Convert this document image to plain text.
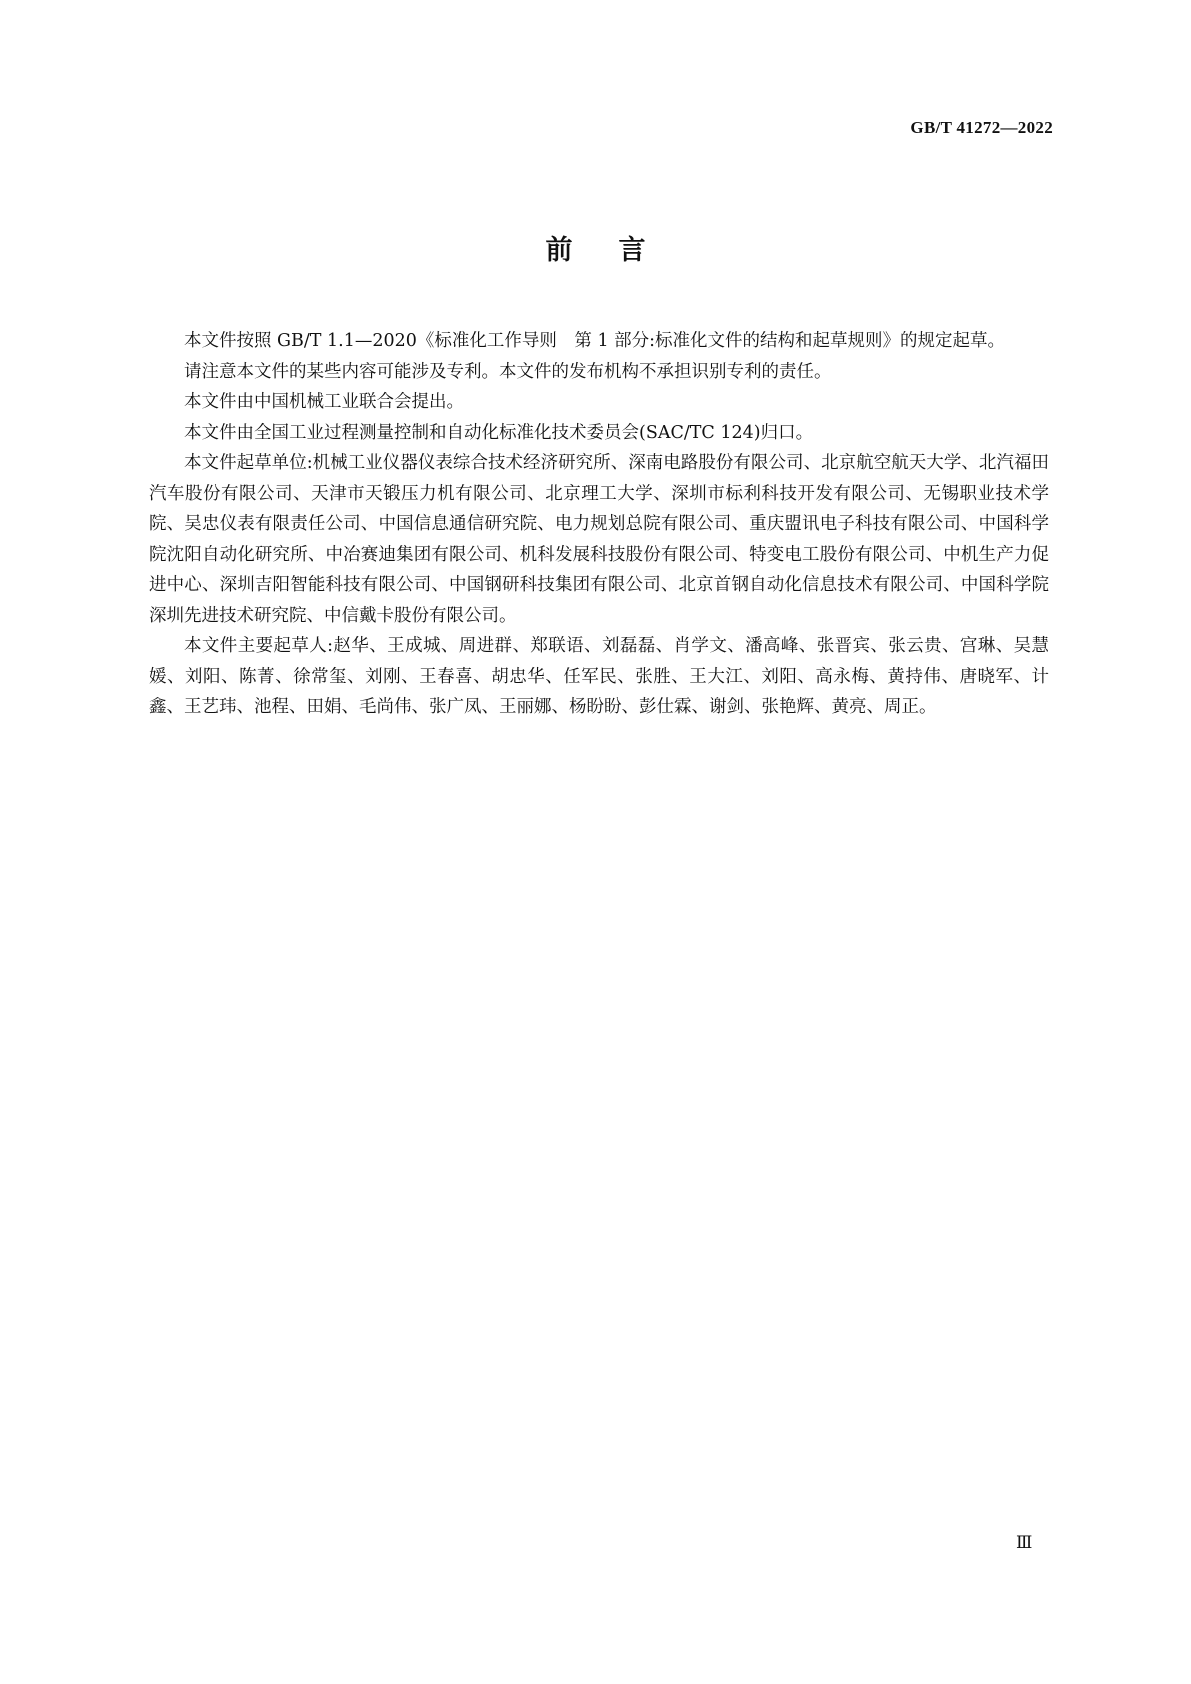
GB/T 41272—2022
前言

本文件按照 GB/T 1.1—2020《标准化工作导则　第 1 部分:标准化文件的结构和起草规则》的规定起草。

请注意本文件的某些内容可能涉及专利。本文件的发布机构不承担识别专利的责任。

本文件由中国机械工业联合会提出。

本文件由全国工业过程测量控制和自动化标准化技术委员会(SAC/TC 124)归口。

本文件起草单位:机械工业仪器仪表综合技术经济研究所、深南电路股份有限公司、北京航空航天大学、北汽福田汽车股份有限公司、天津市天锻压力机有限公司、北京理工大学、深圳市标利科技开发有限公司、无锡职业技术学院、吴忠仪表有限责任公司、中国信息通信研究院、电力规划总院有限公司、重庆盟讯电子科技有限公司、中国科学院沈阳自动化研究所、中冶赛迪集团有限公司、机科发展科技股份有限公司、特变电工股份有限公司、中机生产力促进中心、深圳吉阳智能科技有限公司、中国钢研科技集团有限公司、北京首钢自动化信息技术有限公司、中国科学院深圳先进技术研究院、中信戴卡股份有限公司。

本文件主要起草人:赵华、王成城、周进群、郑联语、刘磊磊、肖学文、潘高峰、张晋宾、张云贵、宫琳、吴慧媛、刘阳、陈菁、徐常玺、刘刚、王春喜、胡忠华、任军民、张胜、王大江、刘阳、高永梅、黄持伟、唐晓军、计鑫、王艺玮、池程、田娟、毛尚伟、张广凤、王丽娜、杨盼盼、彭仕霖、谢剑、张艳辉、黄亮、周正。

Ⅲ
